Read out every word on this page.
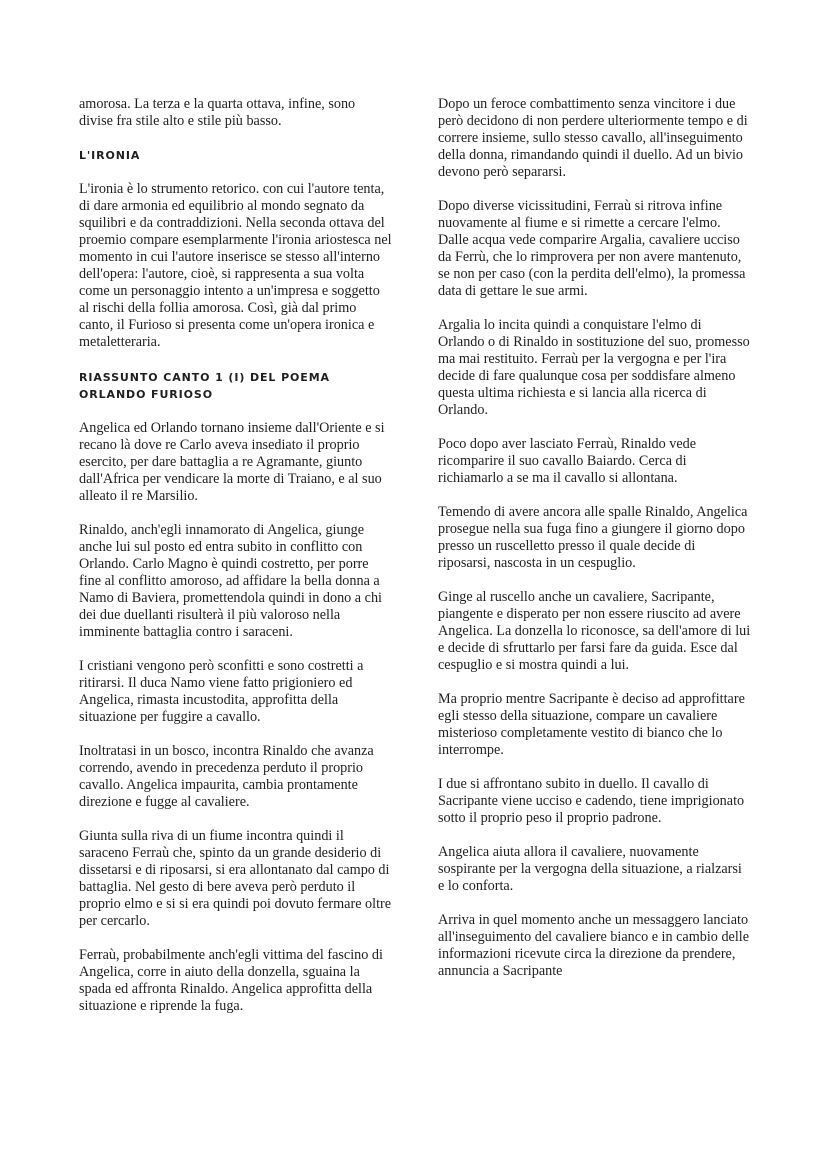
amorosa. La terza e la quarta ottava, infine, sono divise fra stile alto e stile più basso.

L'IRONIA

L'ironia è lo strumento retorico. con cui l'autore tenta, di dare armonia ed equilibrio al mondo segnato da squilibri e da contraddizioni. Nella seconda ottava del proemio compare esemplarmente l'ironia ariostesca nel momento in cui l'autore inserisce se stesso all'interno dell'opera: l'autore, cioè, si rappresenta a sua volta come un personaggio intento a un'impresa e soggetto al rischi della follia amorosa. Così, già dal primo canto, il Furioso si presenta come un'opera ironica e metaletteraria.

RIASSUNTO CANTO 1 (I) DEL POEMA ORLANDO FURIOSO

Angelica ed Orlando tornano insieme dall'Oriente e si recano là dove re Carlo aveva insediato il proprio esercito, per dare battaglia a re Agramante, giunto dall'Africa per vendicare la morte di Traiano, e al suo alleato il re Marsilio.

Rinaldo, anch'egli innamorato di Angelica, giunge anche lui sul posto ed entra subito in conflitto con Orlando. Carlo Magno è quindi costretto, per porre fine al conflitto amoroso, ad affidare la bella donna a Namo di Baviera, promettendola quindi in dono a chi dei due duellanti risulterà il più valoroso nella imminente battaglia contro i saraceni.

I cristiani vengono però sconfitti e sono costretti a ritirarsi. Il duca Namo viene fatto prigioniero ed Angelica, rimasta incustodita, approfitta della situazione per fuggire a cavallo.

Inoltratasi in un bosco, incontra Rinaldo che avanza correndo, avendo in precedenza perduto il proprio cavallo. Angelica impaurita, cambia prontamente direzione e fugge al cavaliere.

Giunta sulla riva di un fiume incontra quindi il saraceno Ferraù che, spinto da un grande desiderio di dissetarsi e di riposarsi, si era allontanato dal campo di battaglia. Nel gesto di bere aveva però perduto il proprio elmo e si si era quindi poi dovuto fermare oltre per cercarlo.

Ferraù, probabilmente anch'egli vittima del fascino di Angelica, corre in aiuto della donzella, sguaina la spada ed affronta Rinaldo. Angelica approfitta della situazione e riprende la fuga.

Dopo un feroce combattimento senza vincitore i due però decidono di non perdere ulteriormente tempo e di correre insieme, sullo stesso cavallo, all'inseguimento della donna, rimandando quindi il duello. Ad un bivio devono però separarsi.

Dopo diverse vicissitudini, Ferraù si ritrova infine nuovamente al fiume e si rimette a cercare l'elmo. Dalle acqua vede comparire Argalia, cavaliere ucciso da Ferrù, che lo rimprovera per non avere mantenuto, se non per caso (con la perdita dell'elmo), la promessa data di gettare le sue armi.

Argalia lo incita quindi a conquistare l'elmo di Orlando o di Rinaldo in sostituzione del suo, promesso ma mai restituito. Ferraù per la vergogna e per l'ira decide di fare qualunque cosa per soddisfare almeno questa ultima richiesta e si lancia alla ricerca di Orlando.

Poco dopo aver lasciato Ferraù, Rinaldo vede ricomparire il suo cavallo Baiardo. Cerca di richiamarlo a se ma il cavallo si allontana.

Temendo di avere ancora alle spalle Rinaldo, Angelica prosegue nella sua fuga fino a giungere il giorno dopo presso un ruscelletto presso il quale decide di riposarsi, nascosta in un cespuglio.

Ginge al ruscello anche un cavaliere, Sacripante, piangente e disperato per non essere riuscito ad avere Angelica. La donzella lo riconosce, sa dell'amore di lui e decide di sfruttarlo per farsi fare da guida. Esce dal cespuglio e si mostra quindi a lui.

Ma proprio mentre Sacripante è deciso ad approfittare egli stesso della situazione, compare un cavaliere misterioso completamente vestito di bianco che lo interrompe.

I due si affrontano subito in duello. Il cavallo di Sacripante viene ucciso e cadendo, tiene imprigionato sotto il proprio peso il proprio padrone.

Angelica aiuta allora il cavaliere, nuovamente sospirante per la vergogna della situazione, a rialzarsi e lo conforta.

Arriva in quel momento anche un messaggero lanciato all'inseguimento del cavaliere bianco e in cambio delle informazioni ricevute circa la direzione da prendere, annuncia a Sacripante
